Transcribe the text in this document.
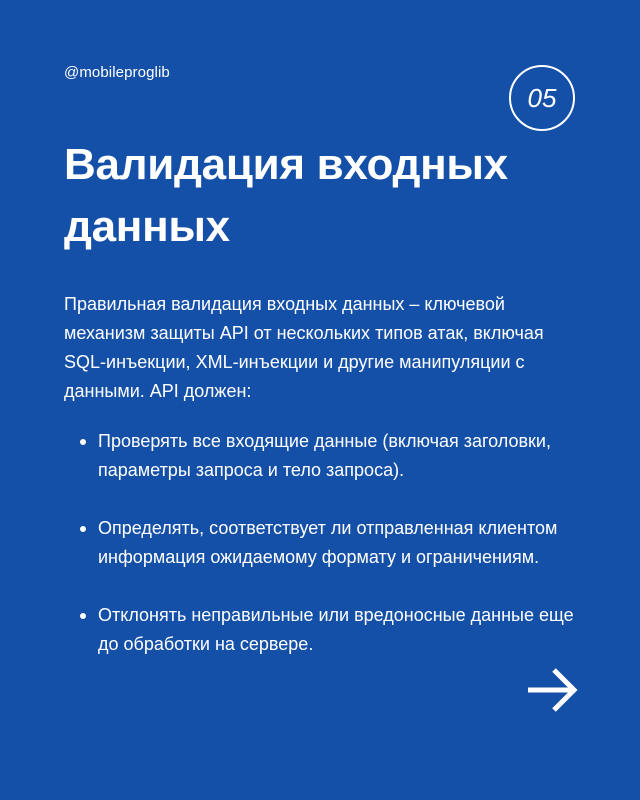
@mobileproglib
05
Валидация входных данных

Правильная валидация входных данных – ключевой механизм защиты API от нескольких типов атак, включая SQL-инъекции, XML-инъекции и другие манипуляции с данными. API должен:

Проверять все входящие данные (включая заголовки, параметры запроса и тело запроса).
Определять, соответствует ли отправленная клиентом информация ожидаемому формату и ограничениям.
Отклонять неправильные или вредоносные данные еще до обработки на сервере.
